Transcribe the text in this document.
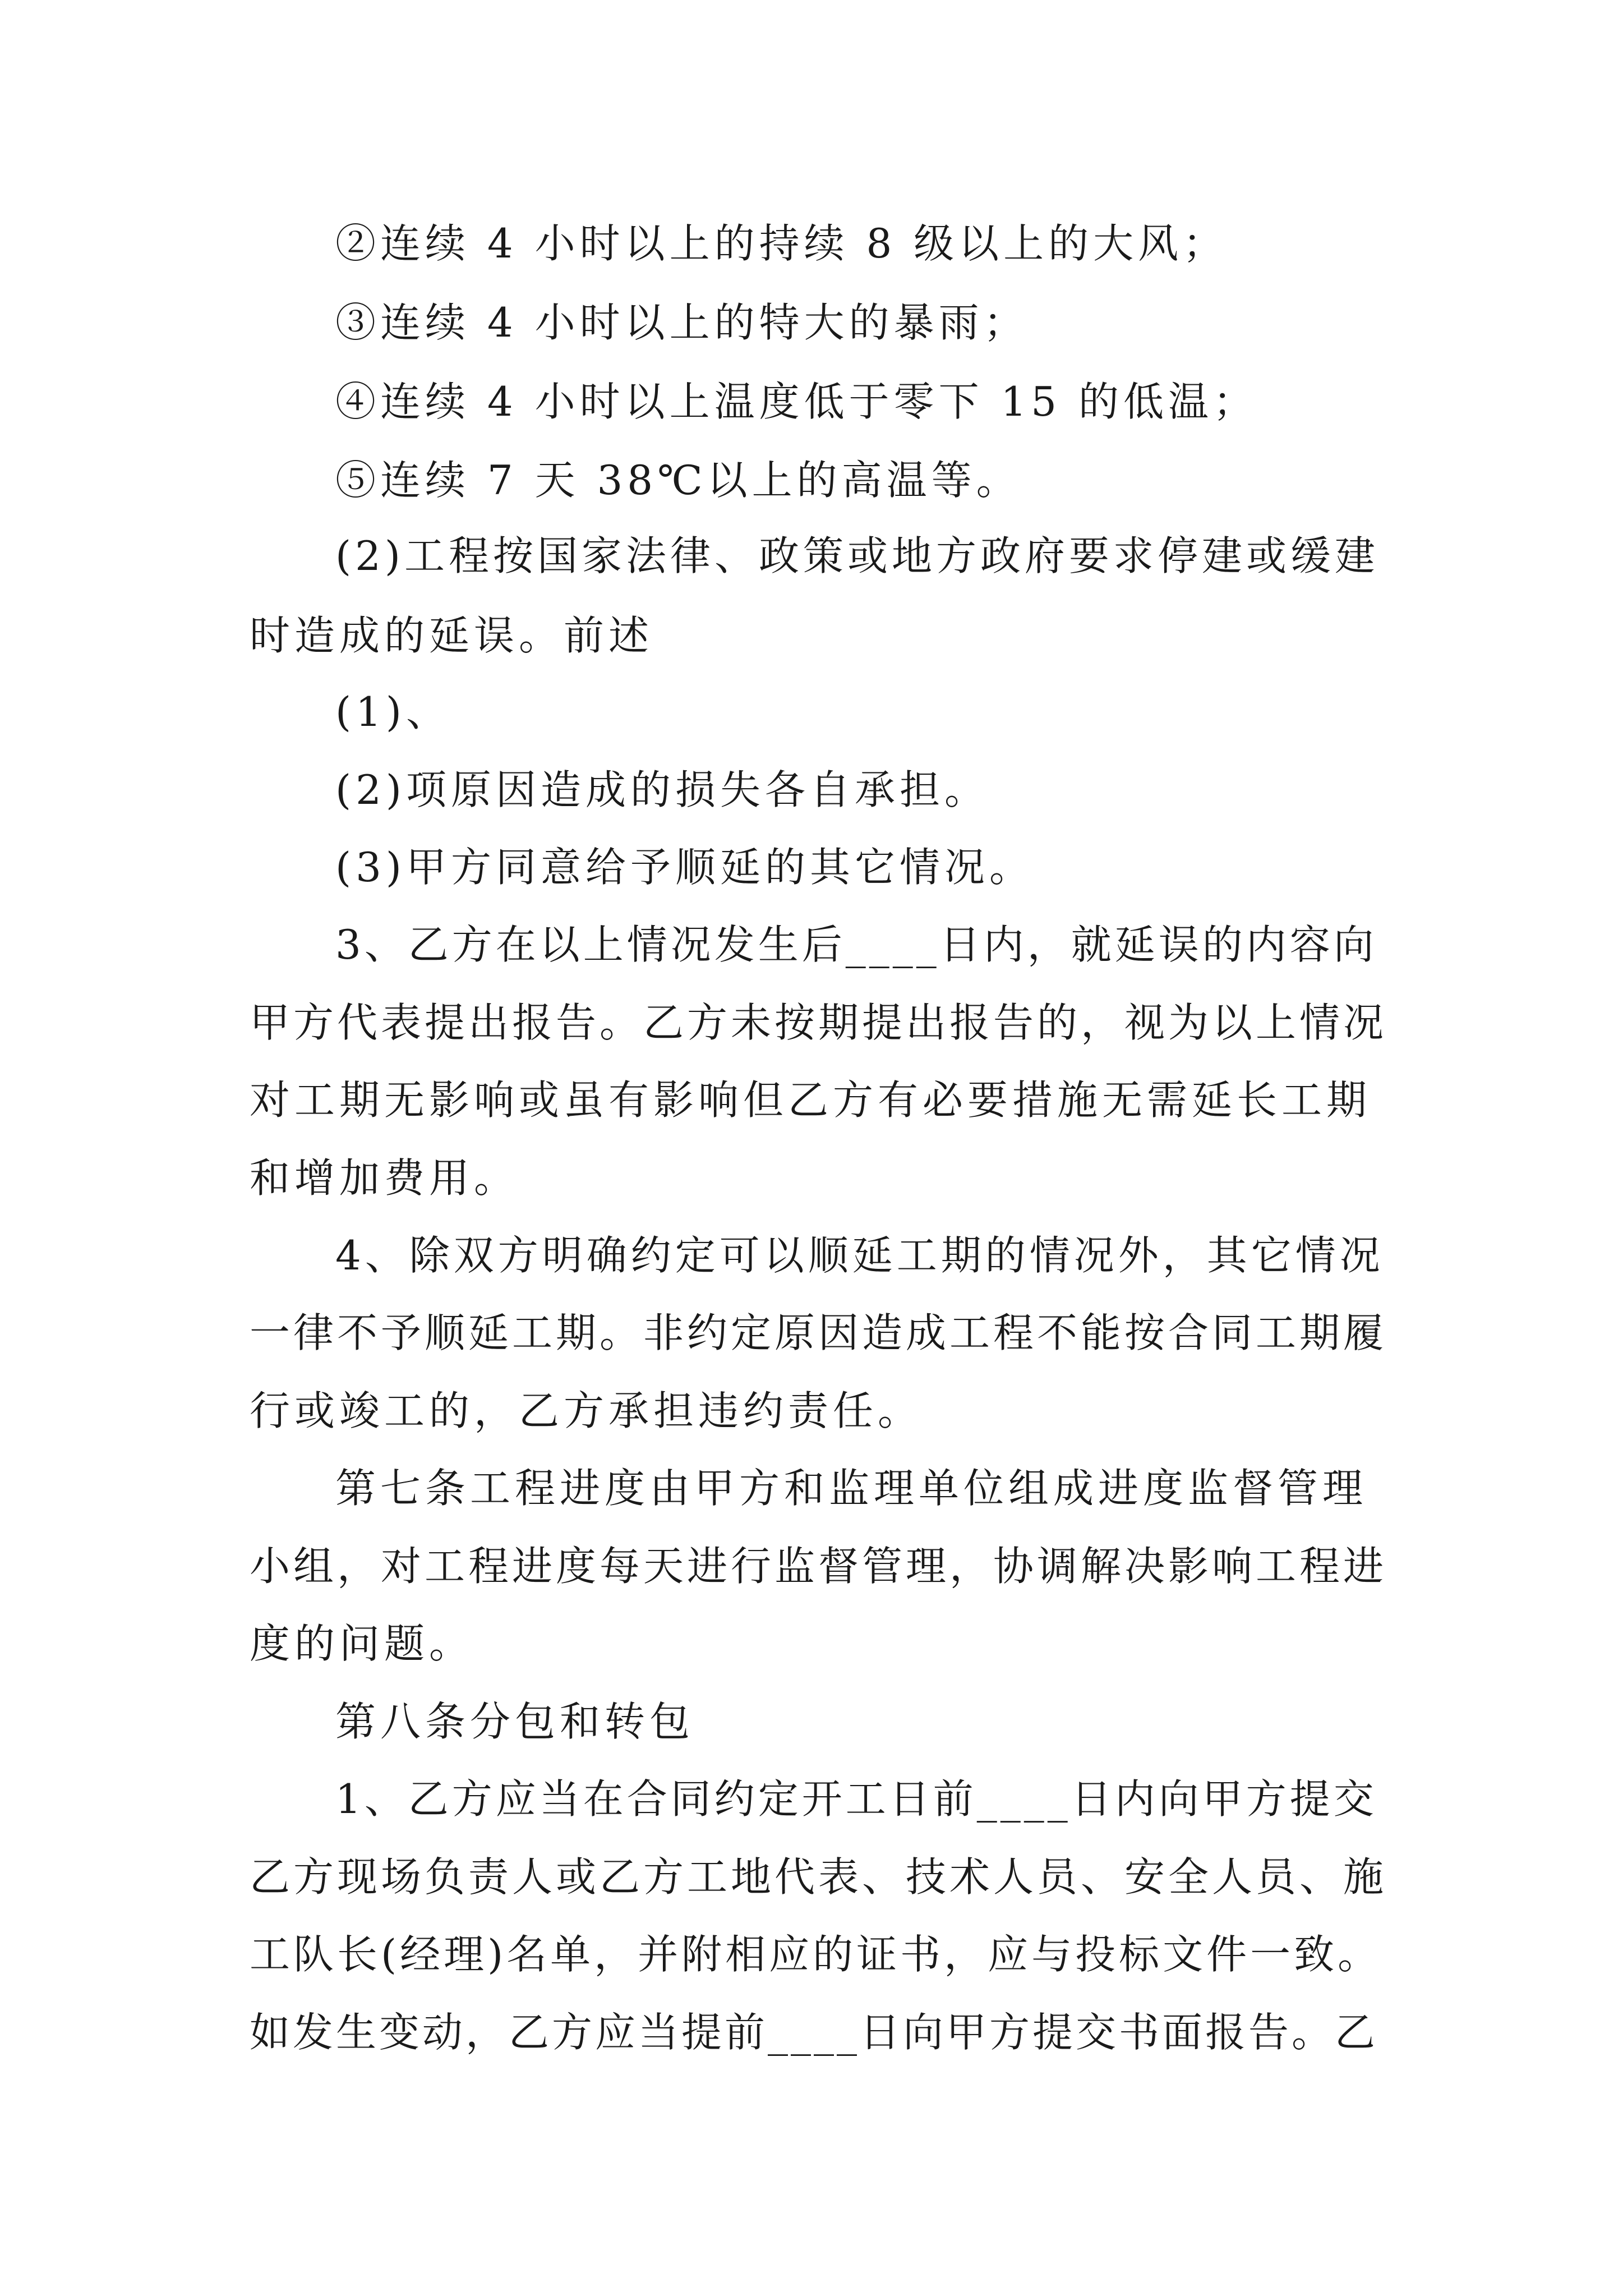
②连续 4 小时以上的持续 8 级以上的大风；

③连续 4 小时以上的特大的暴雨；

④连续 4 小时以上温度低于零下 15 的低温；

⑤连续 7 天 38℃以上的高温等。

(2)工程按国家法律、政策或地方政府要求停建或缓建

时造成的延误。前述

(1)、

(2)项原因造成的损失各自承担。

(3)甲方同意给予顺延的其它情况。

3、乙方在以上情况发生后____日内，就延误的内容向

甲方代表提出报告。乙方未按期提出报告的，视为以上情况

对工期无影响或虽有影响但乙方有必要措施无需延长工期

和增加费用。

4、除双方明确约定可以顺延工期的情况外，其它情况

一律不予顺延工期。非约定原因造成工程不能按合同工期履

行或竣工的，乙方承担违约责任。

第七条工程进度由甲方和监理单位组成进度监督管理

小组，对工程进度每天进行监督管理，协调解决影响工程进

度的问题。

第八条分包和转包

1、乙方应当在合同约定开工日前____日内向甲方提交

乙方现场负责人或乙方工地代表、技术人员、安全人员、施

工队长(经理)名单，并附相应的证书，应与投标文件一致。

如发生变动，乙方应当提前____日向甲方提交书面报告。乙
